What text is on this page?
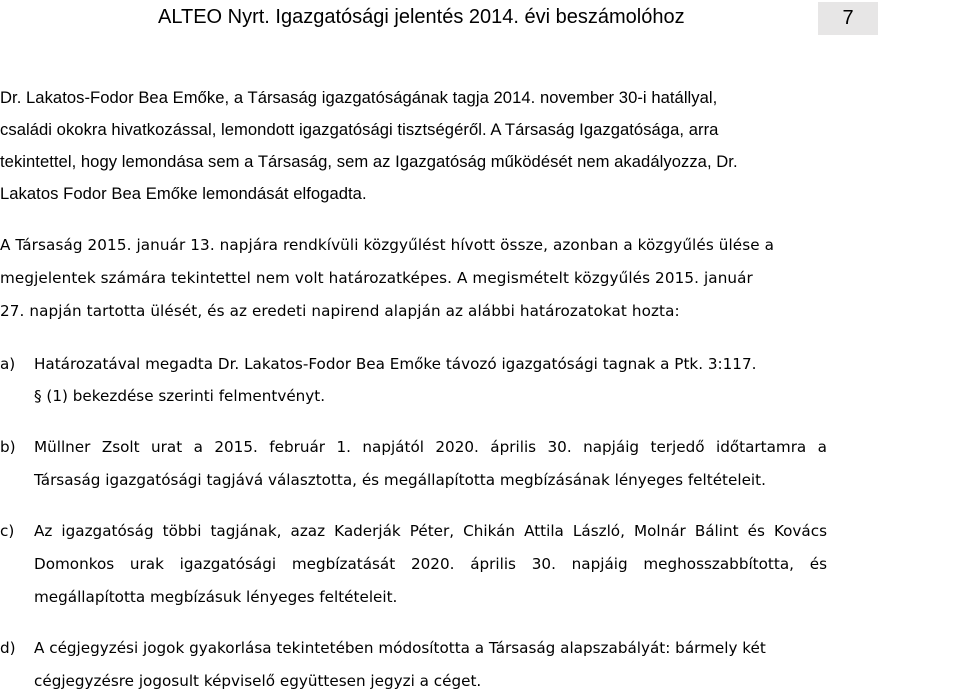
ALTEO Nyrt. Igazgatósági jelentés 2014. évi beszámolóhoz	7
Dr. Lakatos-Fodor Bea Emőke, a Társaság igazgatóságának tagja 2014. november 30-i hatállyal,
családi okokra hivatkozással, lemondott igazgatósági tisztségéről. A Társaság Igazgatósága, arra
tekintettel, hogy lemondása sem a Társaság, sem az Igazgatóság működését nem akadályozza, Dr.
Lakatos Fodor Bea Emőke lemondását elfogadta.
A Társaság 2015. január 13. napjára rendkívüli közgyűlést hívott össze, azonban a közgyűlés ülése a
megjelentek számára tekintettel nem volt határozatképes. A megismételt közgyűlés 2015. január
27. napján tartotta ülését, és az eredeti napirend alapján az alábbi határozatokat hozta:
a) Határozatával megadta Dr. Lakatos-Fodor Bea Emőke távozó igazgatósági tagnak a Ptk. 3:117.
§ (1) bekezdése szerinti felmentvényt.
b) Müllner Zsolt urat a 2015. február 1. napjától 2020. április 30. napjáig terjedő időtartamra a
Társaság igazgatósági tagjává választotta, és megállapította megbízásának lényeges feltételeit.
c) Az igazgatóság többi tagjának, azaz Kaderják Péter, Chikán Attila László, Molnár Bálint és Kovács
Domonkos urak igazgatósági megbízatását 2020. április 30. napjáig meghosszabbította, és
megállapította megbízásuk lényeges feltételeit.
d) A cégjegyzési jogok gyakorlása tekintetében módosította a Társaság alapszabályát: bármely két
cégjegyzésre jogosult képviselő együttesen jegyzi a céget.
